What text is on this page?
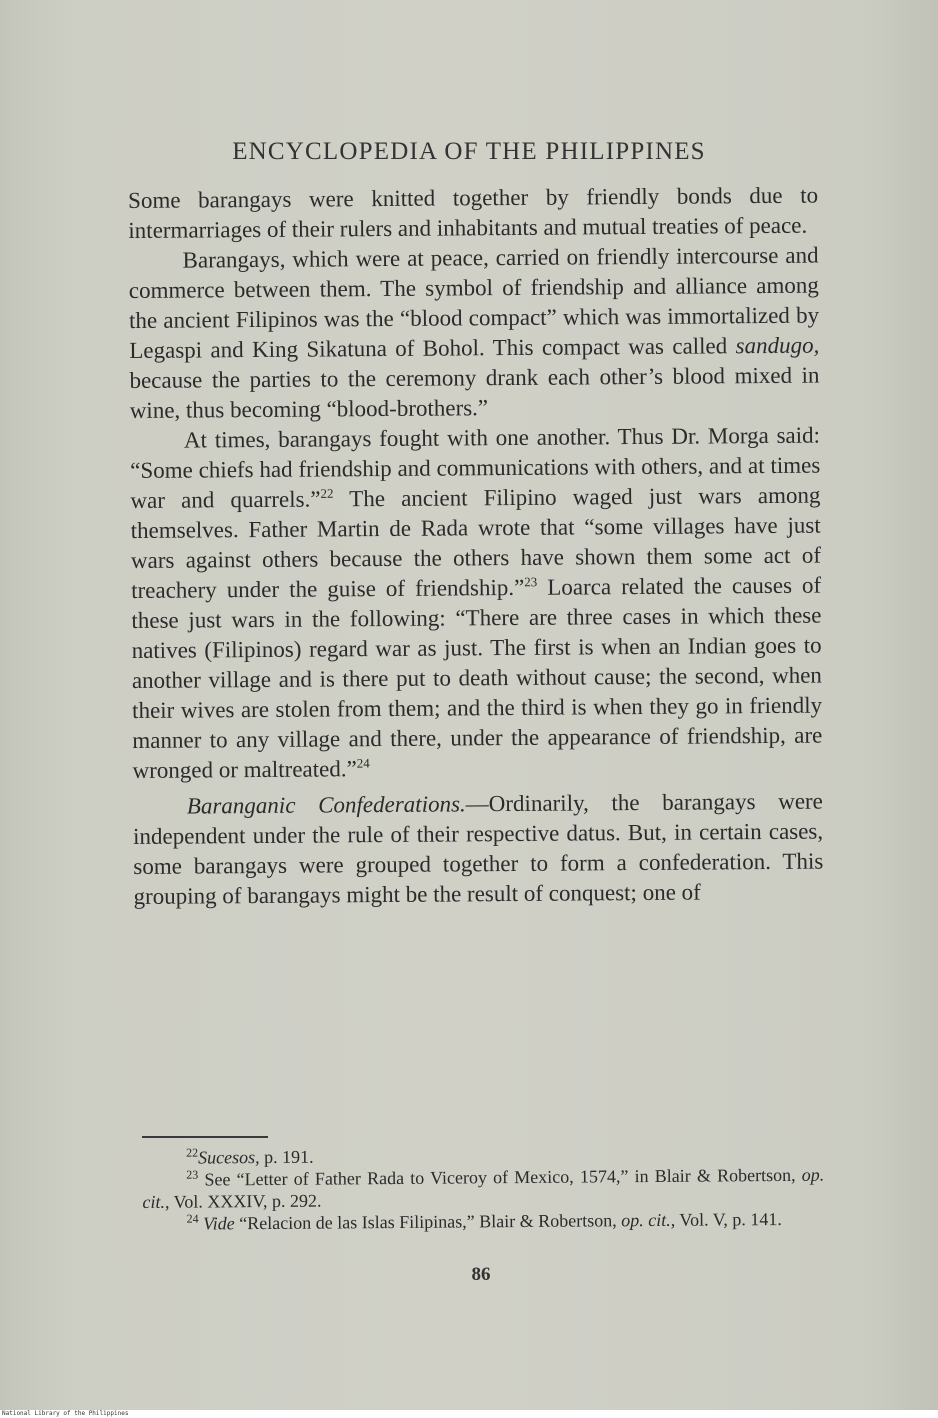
ENCYCLOPEDIA OF THE PHILIPPINES

Some barangays were knitted together by friendly bonds due to intermarriages of their rulers and inhabitants and mutual treaties of peace.

Barangays, which were at peace, carried on friendly intercourse and commerce between them. The symbol of friendship and alliance among the ancient Filipinos was the “blood compact” which was immortalized by Legaspi and King Sikatuna of Bohol. This compact was called sandugo, because the parties to the ceremony drank each other’s blood mixed in wine, thus becoming “blood-brothers.”

At times, barangays fought with one another. Thus Dr. Morga said: “Some chiefs had friendship and communications with others, and at times war and quarrels.”$^{22}$ The ancient Filipino waged just wars among themselves. Father Martin de Rada wrote that “some villages have just wars against others because the others have shown them some act of treachery under the guise of friendship.”$^{23}$ Loarca related the causes of these just wars in the following: “There are three cases in which these natives (Filipinos) regard war as just. The first is when an Indian goes to another village and is there put to death without cause; the second, when their wives are stolen from them; and the third is when they go in friendly manner to any village and there, under the appearance of friendship, are wronged or maltreated.”$^{24}$

Baranganic Confederations.—Ordinarily, the barangays were independent under the rule of their respective datus. But, in certain cases, some barangays were grouped together to form a confederation. This grouping of barangays might be the result of conquest; one of

$^{22}$Sucesos, p. 191.

$^{23}$ See “Letter of Father Rada to Viceroy of Mexico, 1574,” in Blair & Robertson, op. cit., Vol. XXXIV, p. 292.

$^{24}$ Vide “Relacion de las Islas Filipinas,” Blair & Robertson, op. cit., Vol. V, p. 141.

86
National Library of the Philippines
